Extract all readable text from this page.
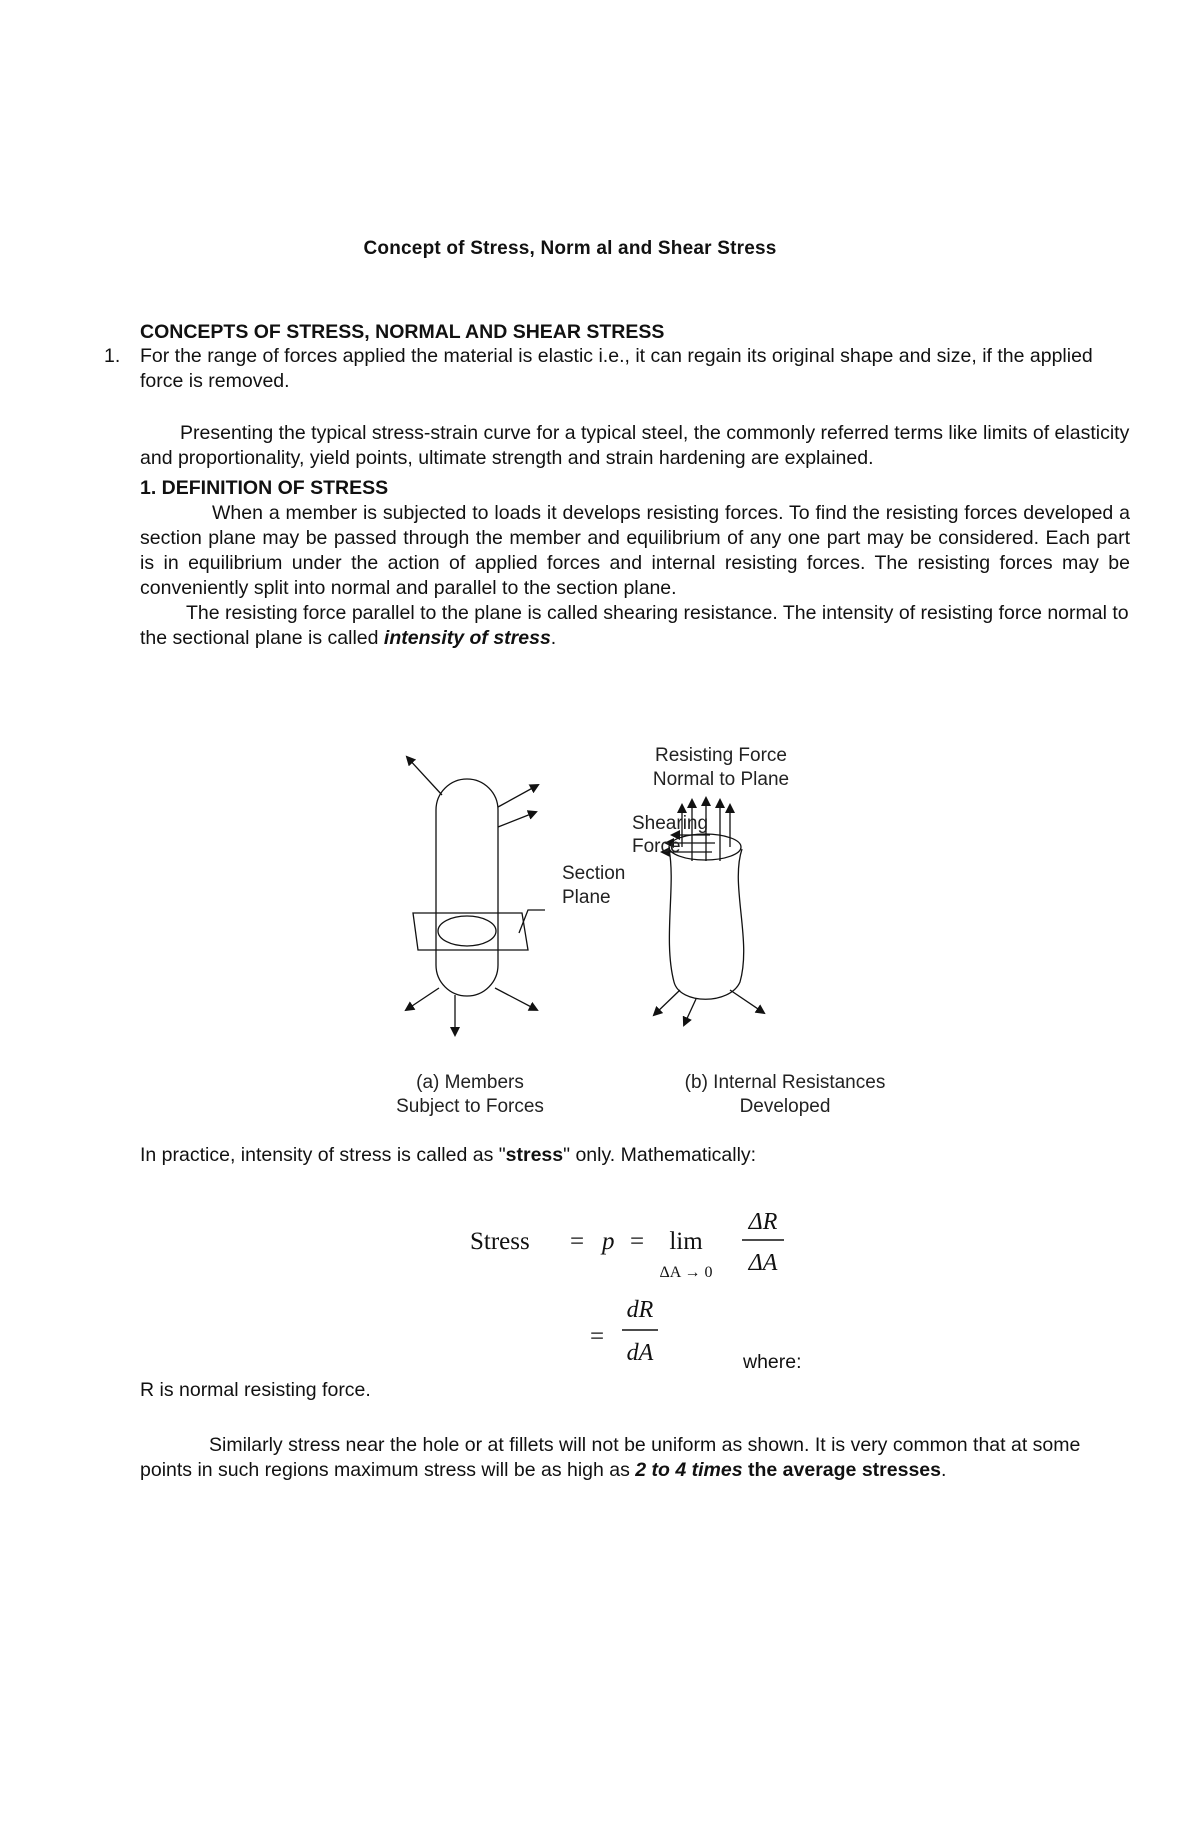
Concept of Stress, Norm al and Shear Stress
CONCEPTS OF STRESS, NORMAL AND SHEAR STRESS
1. For the range of forces applied the material is elastic i.e., it can regain its original shape and size, if the applied force is removed.
Presenting the typical stress-strain curve for a typical steel, the commonly referred terms like limits of elasticity and proportionality, yield points, ultimate strength and strain hardening are explained.
1. DEFINITION OF STRESS
When a member is subjected to loads it develops resisting forces. To find the resisting forces developed a section plane may be passed through the member and equilibrium of any one part may be considered. Each part is in equilibrium under the action of applied forces and internal resisting forces. The resisting forces may be conveniently split into normal and parallel to the section plane.
The resisting force parallel to the plane is called shearing resistance. The intensity of resisting force normal to the sectional plane is called intensity of stress.
Resisting Force
Normal to Plane
Shearing
Force
Section
Plane
(a) Members
Subject to Forces
(b) Internal Resistances
Developed
In practice, intensity of stress is called as "stress" only. Mathematically:
Stress = p = lim
ΔA → 0
ΔR
ΔA
=
dR
dA	where:
R is normal resisting force.
Similarly stress near the hole or at fillets will not be uniform as shown. It is very common that at some points in such regions maximum stress will be as high as 2 to 4 times the average stresses.
